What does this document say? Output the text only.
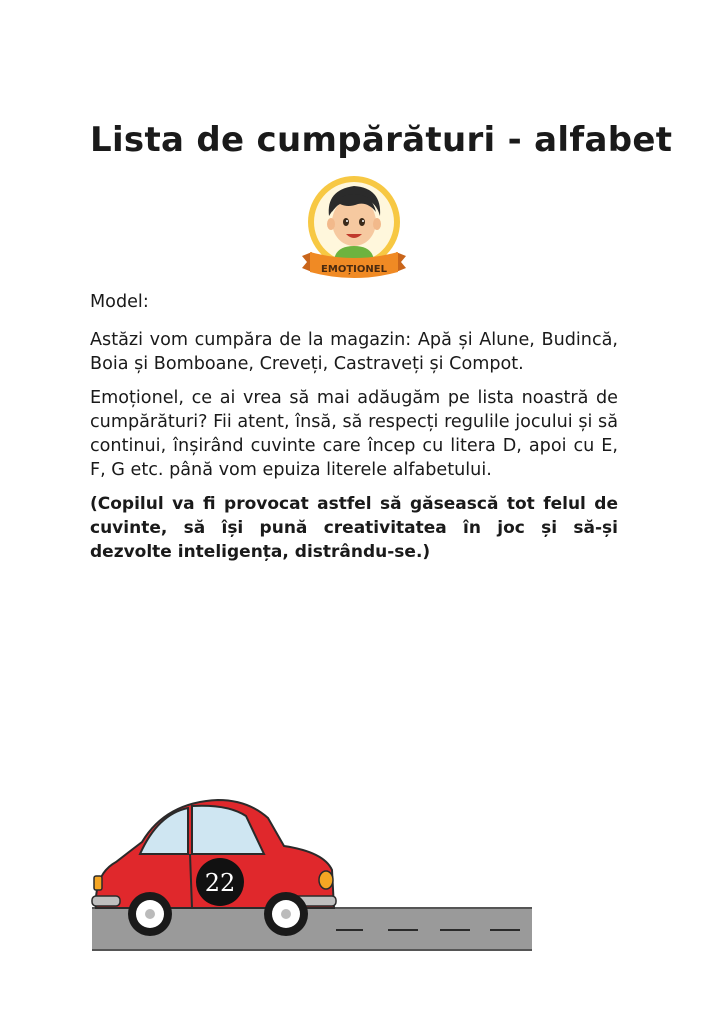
Lista de cumpărături - alfabet
EMOȚIONEL

Model:

Astăzi vom cumpăra de la magazin: Apă și Alune, Budincă, Boia și Bomboane, Creveți, Castraveți și Compot.

Emoționel, ce ai vrea să mai adăugăm pe lista noastră de cumpărături? Fii atent, însă, să respecți regulile jocului și să continui, înșirând cuvinte care încep cu litera D, apoi cu E, F, G etc. până vom epuiza literele alfabetului.

(Copilul va fi provocat astfel să găsească tot felul de cuvinte, să își pună creativitatea în joc și să-și dezvolte inteligența, distrându-se.)

22
